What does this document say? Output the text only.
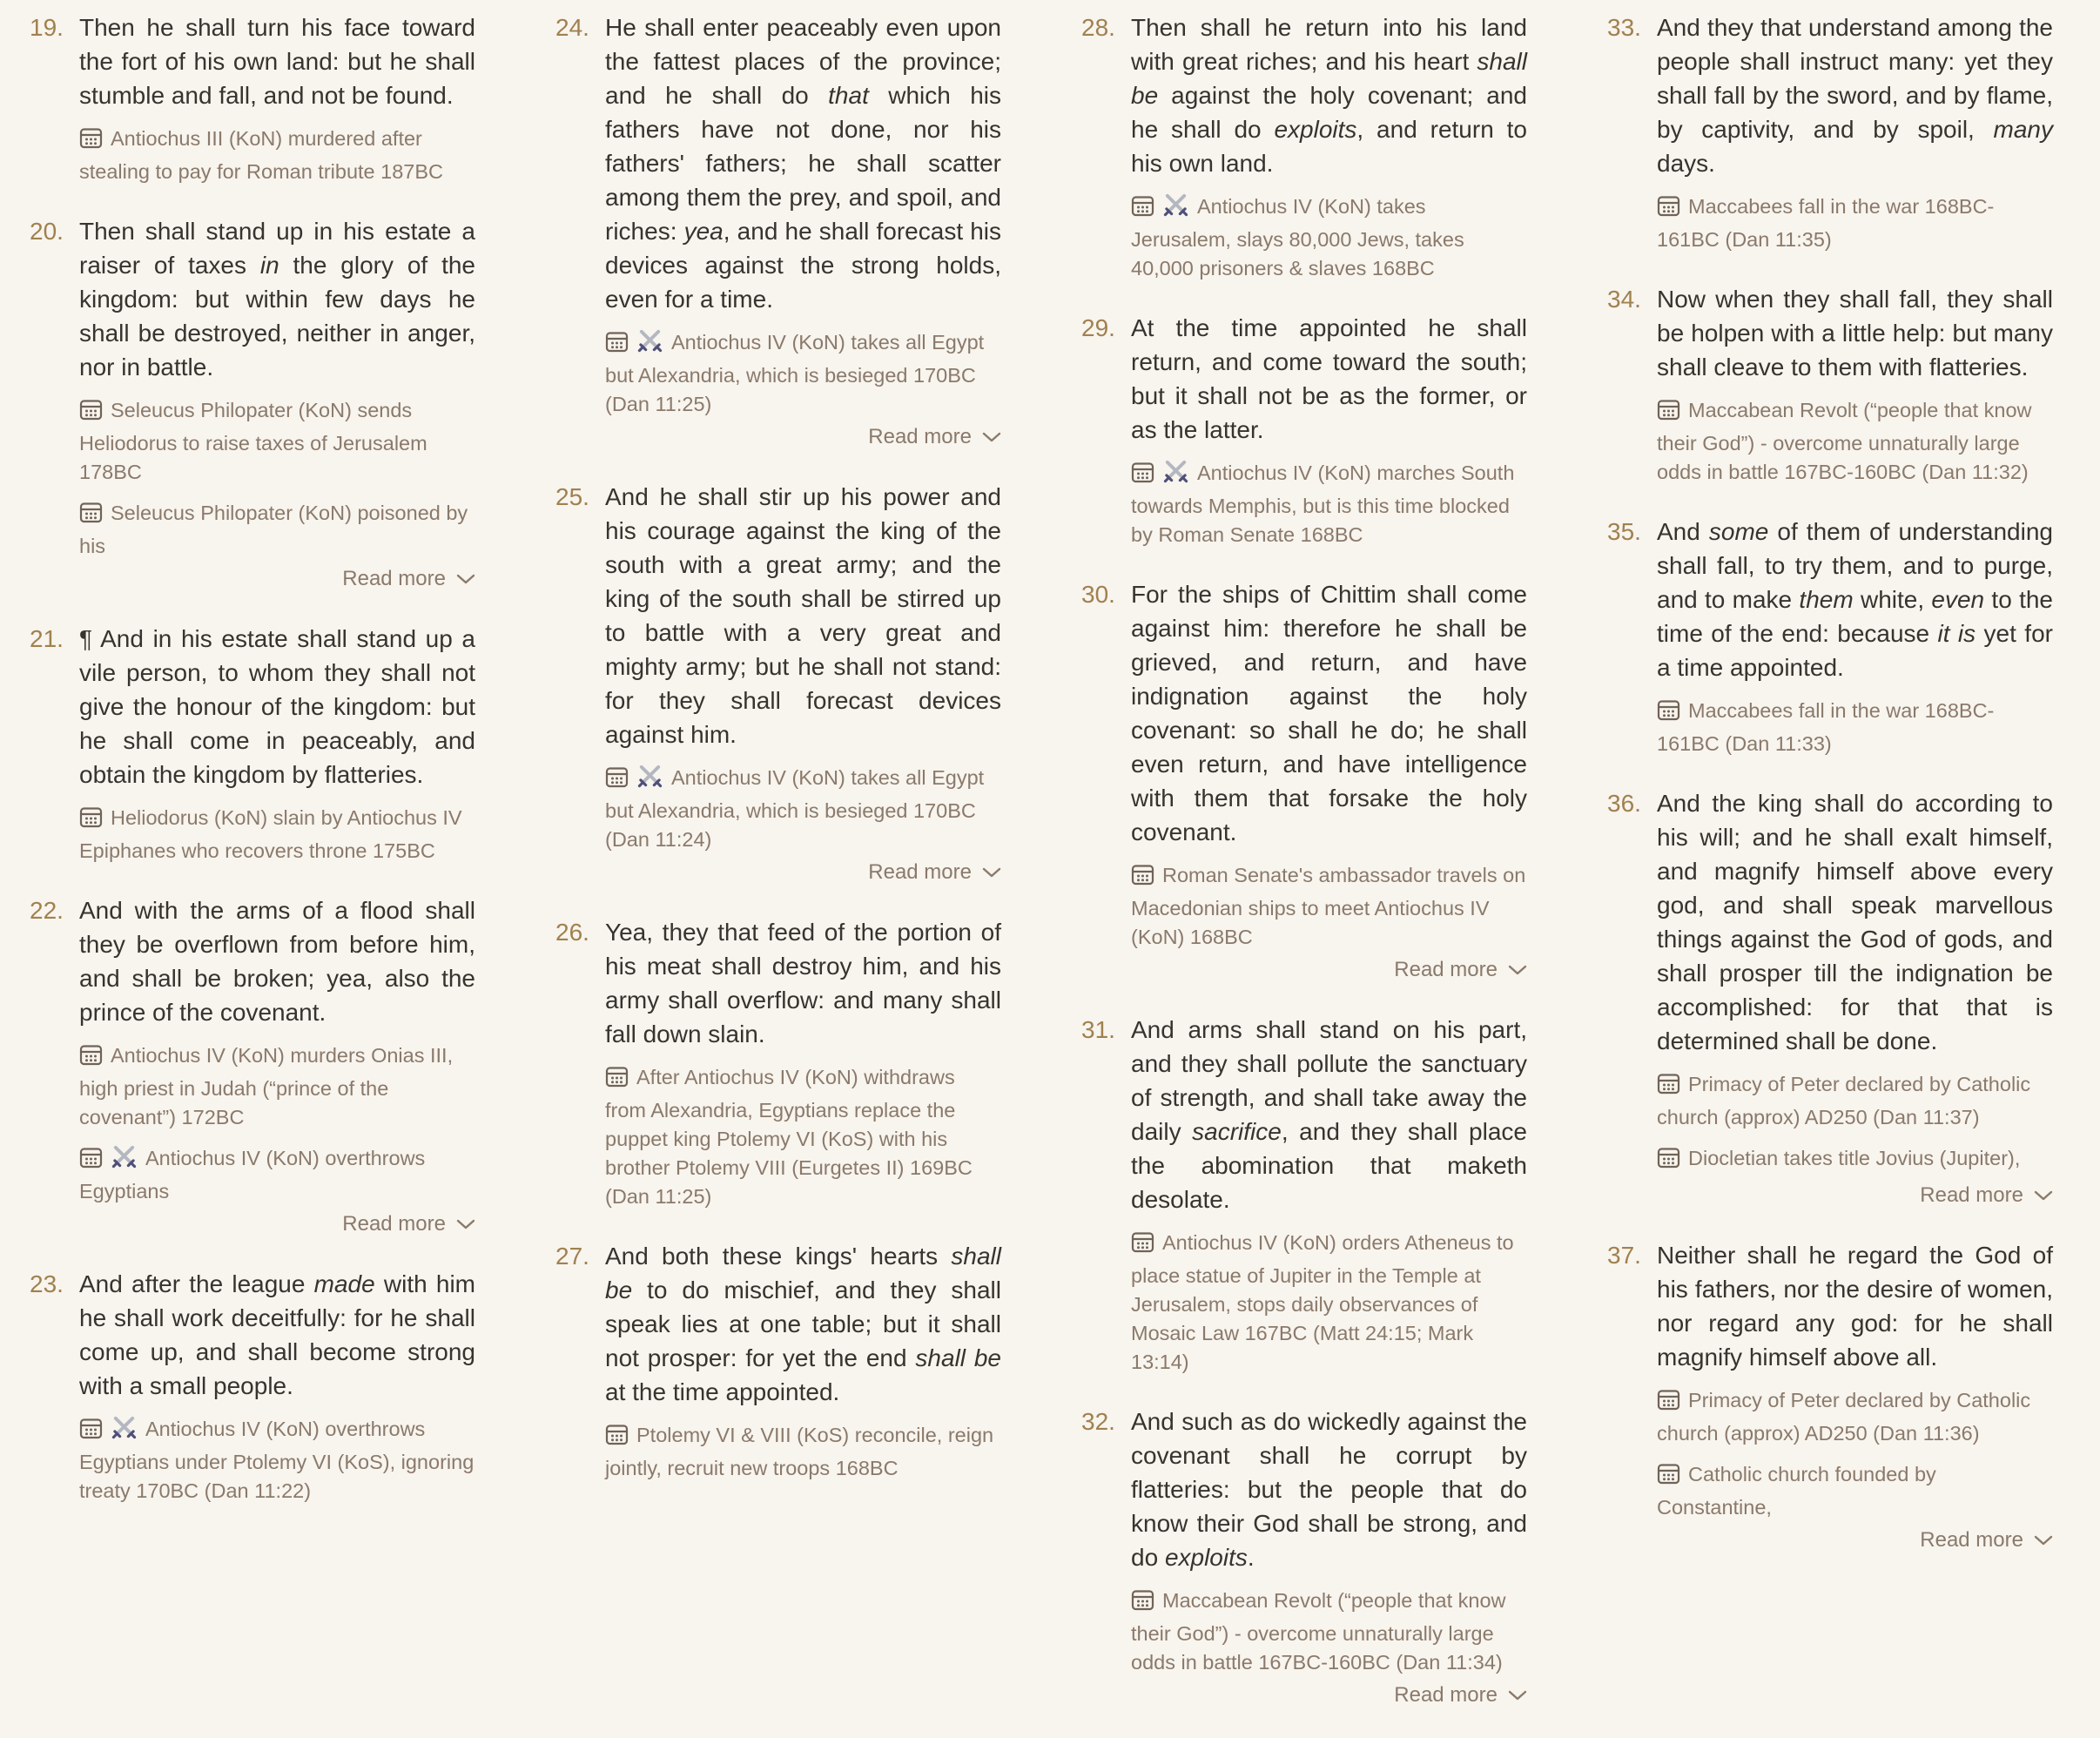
19. Then he shall turn his face toward the fort of his own land: but he shall stumble and fall, and not be found.

Antiochus III (KoN) murdered after stealing to pay for Roman tribute 187BC

20. Then shall stand up in his estate a raiser of taxes in the glory of the kingdom: but within few days he shall be destroyed, neither in anger, nor in battle.

Seleucus Philopater (KoN) sends Heliodorus to raise taxes of Jerusalem 178BC

Seleucus Philopater (KoN) poisoned by his

Read more
21. ¶ And in his estate shall stand up a vile person, to whom they shall not give the honour of the kingdom: but he shall come in peaceably, and obtain the kingdom by flatteries.

Heliodorus (KoN) slain by Antiochus IV Epiphanes who recovers throne 175BC

22. And with the arms of a flood shall they be overflown from before him, and shall be broken; yea, also the prince of the covenant.

Antiochus IV (KoN) murders Onias III, high priest in Judah (“prince of the covenant”) 172BC

Antiochus IV (KoN) overthrows Egyptians

Read more
23. And after the league made with him he shall work deceitfully: for he shall come up, and shall become strong with a small people.

Antiochus IV (KoN) overthrows Egyptians under Ptolemy VI (KoS), ignoring treaty 170BC (Dan 11:22)

24. He shall enter peaceably even upon the fattest places of the province; and he shall do that which his fathers have not done, nor his fathers' fathers; he shall scatter among them the prey, and spoil, and riches: yea, and he shall forecast his devices against the strong holds, even for a time.

Antiochus IV (KoN) takes all Egypt but Alexandria, which is besieged 170BC (Dan 11:25)

Read more
25. And he shall stir up his power and his courage against the king of the south with a great army; and the king of the south shall be stirred up to battle with a very great and mighty army; but he shall not stand: for they shall forecast devices against him.

Antiochus IV (KoN) takes all Egypt but Alexandria, which is besieged 170BC (Dan 11:24)

Read more
26. Yea, they that feed of the portion of his meat shall destroy him, and his army shall overflow: and many shall fall down slain.

After Antiochus IV (KoN) withdraws from Alexandria, Egyptians replace the puppet king Ptolemy VI (KoS) with his brother Ptolemy VIII (Eurgetes II) 169BC (Dan 11:25)

27. And both these kings' hearts shall be to do mischief, and they shall speak lies at one table; but it shall not prosper: for yet the end shall be at the time appointed.

Ptolemy VI & VIII (KoS) reconcile, reign jointly, recruit new troops 168BC

28. Then shall he return into his land with great riches; and his heart shall be against the holy covenant; and he shall do exploits, and return to his own land.

Antiochus IV (KoN) takes Jerusalem, slays 80,000 Jews, takes 40,000 prisoners & slaves 168BC

29. At the time appointed he shall return, and come toward the south; but it shall not be as the former, or as the latter.

Antiochus IV (KoN) marches South towards Memphis, but is this time blocked by Roman Senate 168BC

30. For the ships of Chittim shall come against him: therefore he shall be grieved, and return, and have indignation against the holy covenant: so shall he do; he shall even return, and have intelligence with them that forsake the holy covenant.

Roman Senate's ambassador travels on Macedonian ships to meet Antiochus IV (KoN) 168BC

Read more
31. And arms shall stand on his part, and they shall pollute the sanctuary of strength, and shall take away the daily sacrifice, and they shall place the abomination that maketh desolate.

Antiochus IV (KoN) orders Atheneus to place statue of Jupiter in the Temple at Jerusalem, stops daily observances of Mosaic Law 167BC (Matt 24:15; Mark 13:14)

32. And such as do wickedly against the covenant shall he corrupt by flatteries: but the people that do know their God shall be strong, and do exploits.

Maccabean Revolt (“people that know their God”) - overcome unnaturally large odds in battle 167BC-160BC (Dan 11:34)

Read more
33. And they that understand among the people shall instruct many: yet they shall fall by the sword, and by flame, by captivity, and by spoil, many days.

Maccabees fall in the war 168BC-161BC (Dan 11:35)

34. Now when they shall fall, they shall be holpen with a little help: but many shall cleave to them with flatteries.

Maccabean Revolt (“people that know their God”) - overcome unnaturally large odds in battle 167BC-160BC (Dan 11:32)

35. And some of them of understanding shall fall, to try them, and to purge, and to make them white, even to the time of the end: because it is yet for a time appointed.

Maccabees fall in the war 168BC-161BC (Dan 11:33)

36. And the king shall do according to his will; and he shall exalt himself, and magnify himself above every god, and shall speak marvellous things against the God of gods, and shall prosper till the indignation be accomplished: for that that is determined shall be done.

Primacy of Peter declared by Catholic church (approx) AD250 (Dan 11:37)

Diocletian takes title Jovius (Jupiter),

Read more
37. Neither shall he regard the God of his fathers, nor the desire of women, nor regard any god: for he shall magnify himself above all.

Primacy of Peter declared by Catholic church (approx) AD250 (Dan 11:36)

Catholic church founded by Constantine,

Read more
